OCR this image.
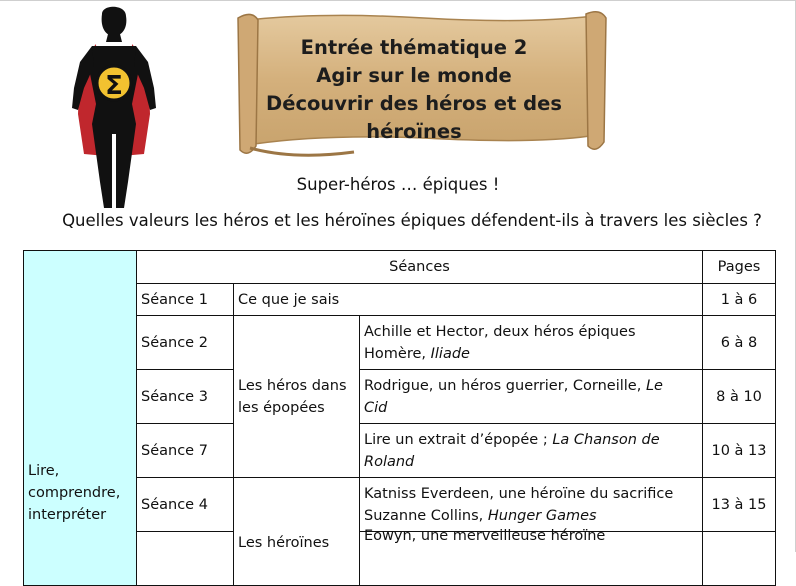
Σ
Entrée thématique 2
Agir sur le monde
Découvrir des héros et des
héroïnes
Super-héros … épiques !
Quelles valeurs les héros et les héroïnes épiques défendent-ils à travers les siècles ?
Lire, comprendre, interpréter	Séances			Pages
	Séance 1	Ce que je sais		1 à 6
	Séance 2	Les héros dans les épopées	Achille et Hector, deux héros épiques
Homère, Iliade	6 à 8
	Séance 3		Rodrigue, un héros guerrier, Corneille, Le
Cid	8 à 10
	Séance 7		Lire un extrait d’épopée ; La Chanson de
Roland	10 à 13
	Séance 4	Les héroïnes	Katniss Everdeen, une héroïne du sacrifice
Suzanne Collins, Hunger Games	13 à 15

			Eowyn, une merveilleuse héroïne	
